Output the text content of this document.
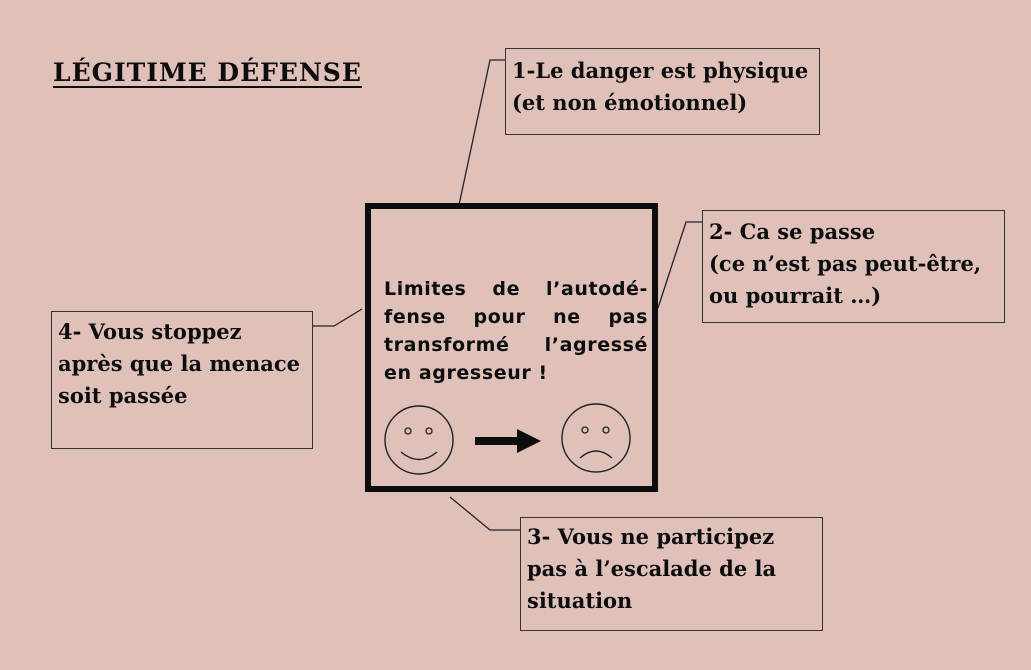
LÉGITIME DÉFENSE	1-Le danger est physique

(et non émotionnel)

2- Ca se passe

(ce n’est pas peut-être,

ou pourrait …)

3- Vous ne participez

pas à l’escalade de la

situation

4- Vous stoppez

après que la menace

soit passée

Limites de l’autodé- fense pour ne pas transformé l’agressé en agresseur !
